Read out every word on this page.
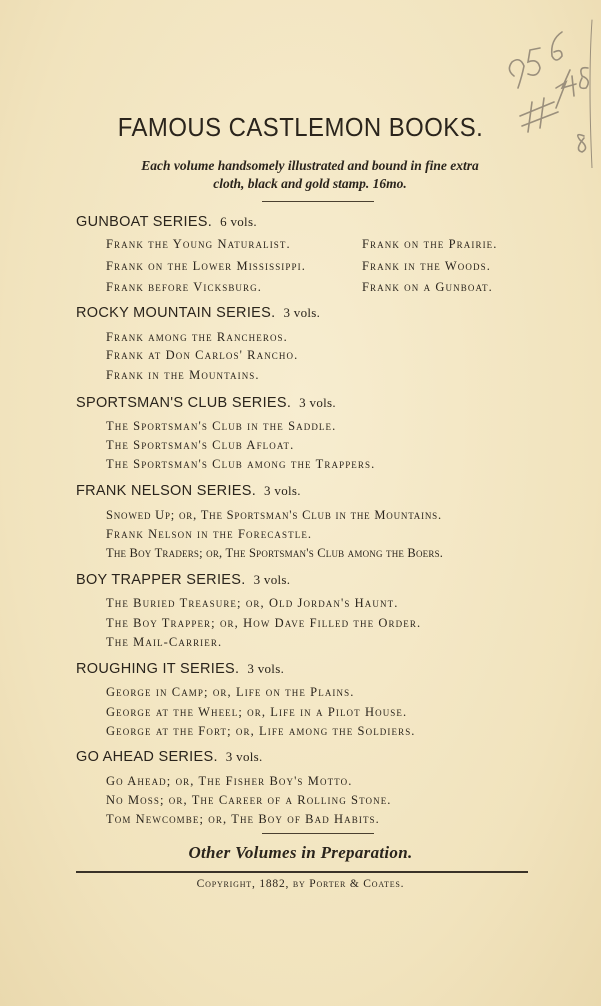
FAMOUS CASTLEMON BOOKS.
Each volume handsomely illustrated and bound in fine extra
cloth, black and gold stamp. 16mo.
GUNBOAT SERIES. 6 vols.
Frank the Young Naturalist.
Frank on the Lower Mississippi.
Frank before Vicksburg.
Frank on the Prairie.
Frank in the Woods.
Frank on a Gunboat.
ROCKY MOUNTAIN SERIES. 3 vols.
Frank among the Rancheros.
Frank at Don Carlos' Rancho.
Frank in the Mountains.
SPORTSMAN'S CLUB SERIES. 3 vols.
The Sportsman's Club in the Saddle.
The Sportsman's Club Afloat.
The Sportsman's Club among the Trappers.
FRANK NELSON SERIES. 3 vols.
Snowed Up; or, The Sportsman's Club in the Mountains.
Frank Nelson in the Forecastle.
The Boy Traders; or, The Sportsman's Club among the Boers.
BOY TRAPPER SERIES. 3 vols.
The Buried Treasure; or, Old Jordan's Haunt.
The Boy Trapper; or, How Dave Filled the Order.
The Mail-Carrier.
ROUGHING IT SERIES. 3 vols.
George in Camp; or, Life on the Plains.
George at the Wheel; or, Life in a Pilot House.
George at the Fort; or, Life among the Soldiers.
GO AHEAD SERIES. 3 vols.
Go Ahead; or, The Fisher Boy's Motto.
No Moss; or, The Career of a Rolling Stone.
Tom Newcombe; or, The Boy of Bad Habits.
Other Volumes in Preparation.
Copyright, 1882, by Porter & Coates.
